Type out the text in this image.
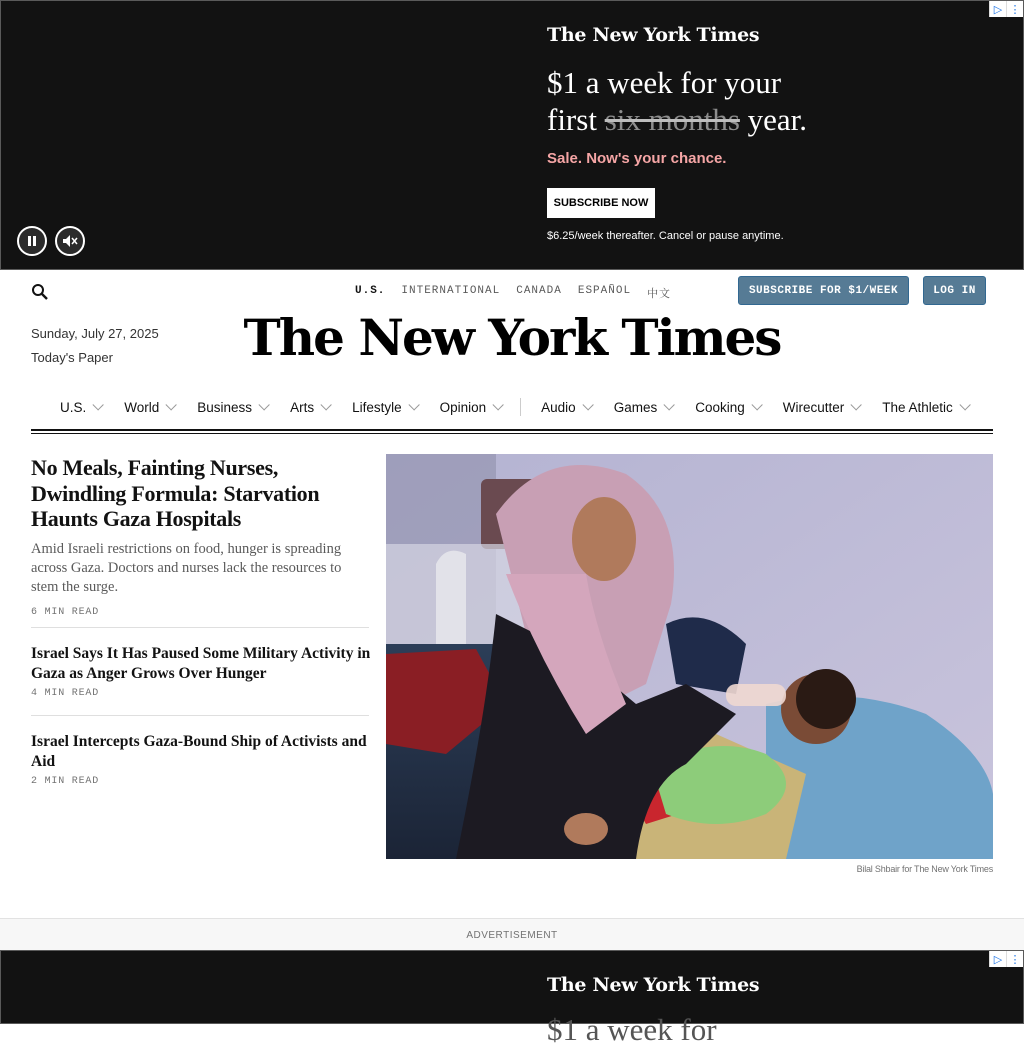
The New York Times
$1 a week for your
first six months year.
Sale. Now's your chance.
SUBSCRIBE NOW
$6.25/week thereafter. Cancel or pause anytime.
▷ ⋮
U.S. INTERNATIONAL CANADA ESPAÑOL 中文	SUBSCRIBE FOR $1/WEEK	LOG IN
Sunday, July 27, 2025
Today's Paper	The New York Times
U.S.	World	Business	Arts	Lifestyle	Opinion	Audio	Games	Cooking	Wirecutter	The Athletic
No Meals, Fainting Nurses, Dwindling Formula: Starvation Haunts Gaza Hospitals

Amid Israeli restrictions on food, hunger is spreading across Gaza. Doctors and nurses lack the resources to stem the surge.

6 MIN READ
Israel Says It Has Paused Some Military Activity in Gaza as Anger Grows Over Hunger
4 MIN READ
Israel Intercepts Gaza-Bound Ship of Activists and Aid
2 MIN READ
Bilal Shbair for The New York Times
ADVERTISEMENT
The New York Times
$1 a week for
▷ ⋮
